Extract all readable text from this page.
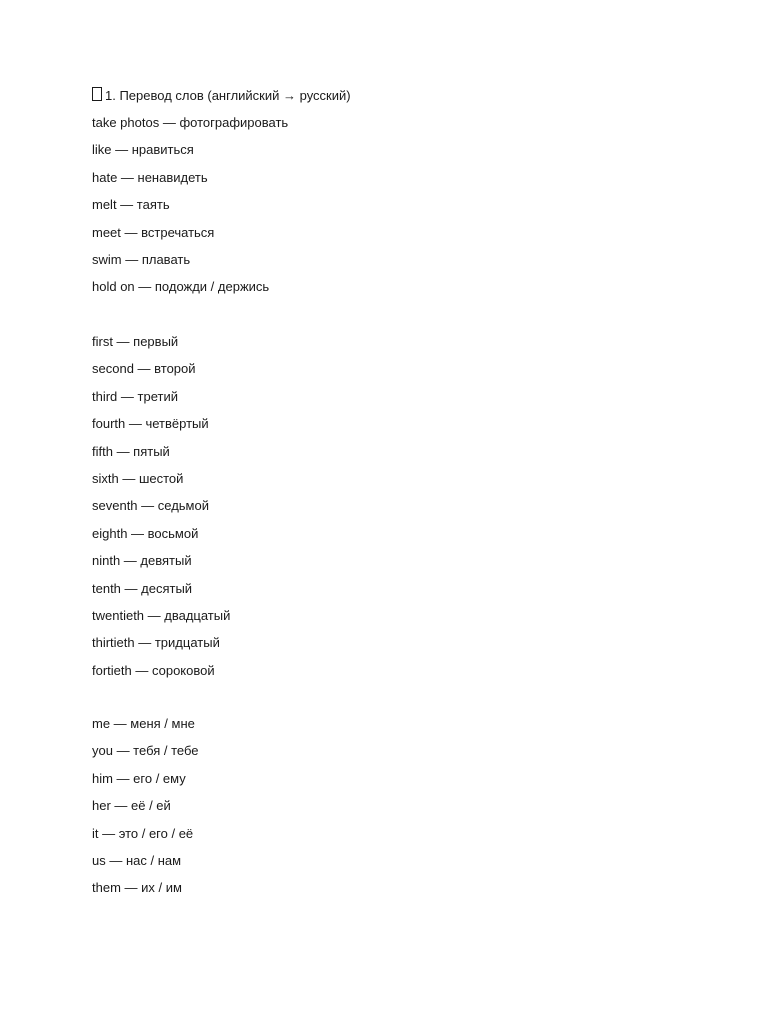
1. Перевод слов (английский → русский)
take photos — фотографировать
like — нравиться
hate — ненавидеть
melt — таять
meet — встречаться
swim — плавать
hold on — подожди / держись
first — первый
second — второй
third — третий
fourth — четвёртый
fifth — пятый
sixth — шестой
seventh — седьмой
eighth — восьмой
ninth — девятый
tenth — десятый
twentieth — двадцатый
thirtieth — тридцатый
fortieth — сороковой
me — меня / мне
you — тебя / тебе
him — его / ему
her — её / ей
it — это / его / её
us — нас / нам
them — их / им
